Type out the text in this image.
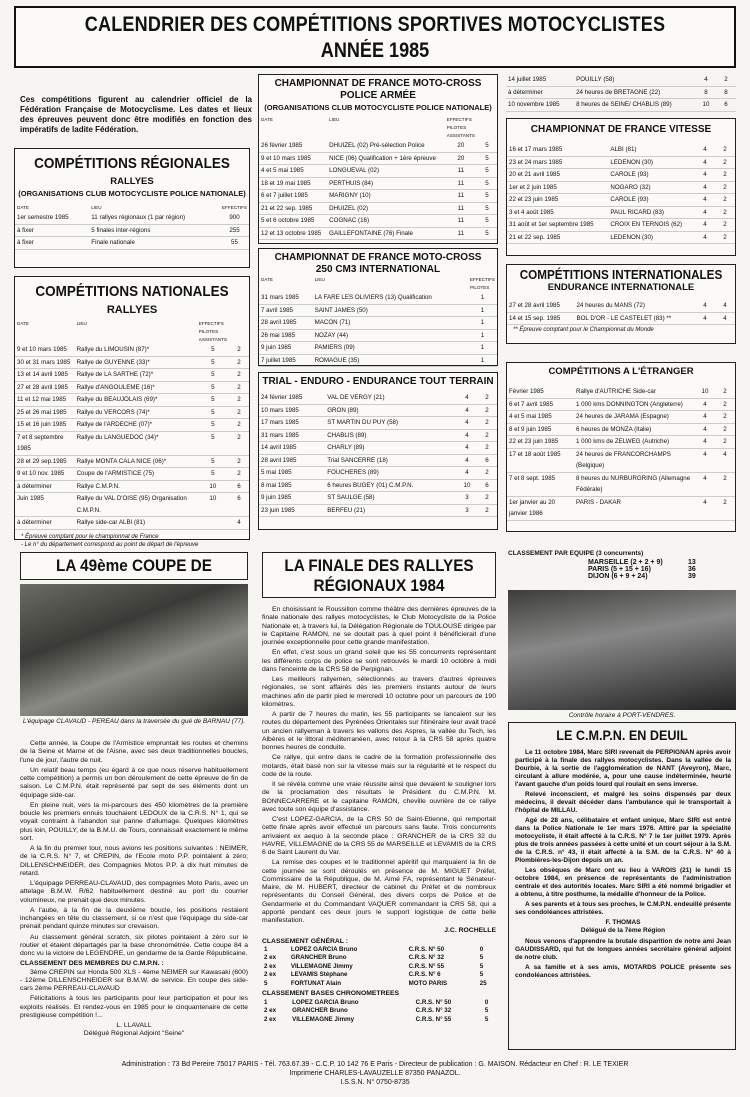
CALENDRIER DES COMPÉTITIONS SPORTIVES MOTOCYCLISTES
ANNÉE 1985
Ces compétitions figurent au calendrier officiel de la Fédération Française de Motocyclisme. Les dates et lieux des épreuves peuvent donc être modifiés en fonction des impératifs de ladite Fédération.
COMPÉTITIONS RÉGIONALES
RALLYES
(ORGANISATIONS CLUB MOTOCYCLISTE POLICE NATIONALE)
DATE	LIEU	EFFECTIFS
1er semestre 1985	11 rallyes régionaux (1 par région)	900
à fixer	5 finales inter-régions	255
à fixer	Finale nationale	55
COMPÉTITIONS NATIONALES
RALLYES
DATE	LIEU	EFFECTIFS PILOTES ASSISTANTS	
9 et 10 mars 1985	Rallye du LIMOUSIN (87)*	5	2
30 et 31 mars 1985	Rallye de GUYENNE (33)*	5	2
13 et 14 avril 1985	Rallye de LA SARTHE (72)*	5	2
27 et 28 avril 1985	Rallye d'ANGOULEME (16)*	5	2
11 et 12 mai 1985	Rallye du BEAUJOLAIS (69)*	5	2
25 et 26 mai 1985	Rallye du VERCORS (74)*	5	2
15 et 16 juin 1985	Rallye de l'ARDECHE (07)*	5	2
7 et 8 septembre 1985	Rallye du LANGUEDOC (34)*	5	2
28 et 29 sep.1985	Rallye MONTA CALA NICE (06)*	5	2
9 et 10 nov. 1985	Coupe de l'ARMISTICE (75)	5	2
à déterminer	Rallye C.M.P.N.	10	6
Juin 1985	Rallye du VAL D'OISE (95) Organisation C.M.P.N.	10	6
à déterminer	Rallye side-car ALBI (81)		4
* Épreuve comptant pour le championnat de France
- Le n° du département correspond au point de départ de l'épreuve
CHAMPIONNAT DE FRANCE MOTO-CROSS
POLICE ARMÉE
(ORGANISATIONS CLUB MOTOCYCLISTE POLICE NATIONALE)
DATE	LIEU	EFFECTIFS PILOTES ASSISTANTS	
26 février 1985	DHUIZEL (02) Pré-sélection Police	20	5
9 et 10 mars 1985	NICE (06) Qualification + 1ère épreuve	20	5
4 et 5 mai 1985	LONGUEVAL (02)	11	5
18 et 19 mai 1985	PERTHUIS (84)	11	5
6 et 7 juillet 1985	MARIGNY (10)	11	5
21 et 22 sep. 1985	DHUIZEL (02)	11	5
5 et 6 octobre 1985	COGNAC (16)	11	5
12 et 13 octobre 1985	GAILLEFONTAINE (76) Finale	11	5
CHAMPIONNAT DE FRANCE MOTO-CROSS
250 CM3 INTERNATIONAL
DATE	LIEU	EFFECTIFS PILOTES
31 mars 1985	LA FARE LES OLIVIERS (13) Qualification	1
7 avril 1985	SAINT JAMES (50)	1
28 avril 1985	MACON (71)	1
26 mai 1985	NOZAY (44)	1
9 juin 1985	PAMIERS (09)	1
7 juillet 1985	ROMAGUE (35)	1
TRIAL - ENDURO - ENDURANCE TOUT TERRAIN
24 février 1985	VAL DE VERGY (21)	4	2
10 mars 1985	GRON (89)	4	2
17 mars 1985	ST MARTIN DU PUY (58)	4	2
31 mars 1985	CHABLIS (89)	4	2
14 avril 1985	CHARLY (89)	4	2
28 avril 1985	Trial SANCERRE (18)	4	6
5 mai 1985	FOUCHERES (89)	4	2
8 mai 1985	6 heures BUGEY (01) C.M.P.N.	10	6
9 juin 1985	ST SAULGE (58)	3	2
23 juin 1985	BERFEU (21)	3	2
14 juillet 1985	POUILLY (58)	4	2
à déterminer	24 heures de BRETAGNE (22)	8	8
10 novembre 1985	8 heures de SEINE/ CHABLIS (89)	10	6
CHAMPIONNAT DE FRANCE VITESSE
16 et 17 mars 1985	ALBI (81)	4	2
23 et 24 mars 1985	LEDENON (30)	4	2
20 et 21 avril 1985	CAROLE (93)	4	2
1er et 2 juin 1985	NOGARO (32)	4	2
22 et 23 juin 1985	CAROLE (93)	4	2
3 et 4 août 1985	PAUL RICARD (83)	4	2
31 août et 1er septembre 1985	CROIX EN TERNOIS (62)	4	2
21 et 22 sep. 1985	LEDENON (30)	4	2
COMPÉTITIONS INTERNATIONALES
ENDURANCE INTERNATIONALE
27 et 28 avril 1985	24 heures du MANS (72)	4	4
14 et 15 sep. 1985	BOL D'OR - LE CASTELET (83) **	4	4
** Épreuve comptant pour le Championnat du Monde
COMPÉTITIONS A L'ÉTRANGER
Février 1985	Rallye d'AUTRICHE Side-car	10	2
6 et 7 avril 1985	1 000 kms DONNINGTON (Angleterre)	4	2
4 et 5 mai 1985	24 heures de JARAMA (Espagne)	4	2
8 et 9 juin 1985	6 heures de MONZA (Italie)	4	2
22 et 23 juin 1985	1 000 kms de ZELWEG (Autriche)	4	2
17 et 18 août 1985	24 heures de FRANCORCHAMPS (Belgique)	4	4
7 et 8 sept. 1985	8 heures du NURBURGRING (Allemagne Fédérale)	4	2
1er janvier au 20 janvier 1986	PARIS - DAKAR	4	2
LA 49ème COUPE DE
L'équipage CLAVAUD - PEREAU dans la traversée du gué de BARNAU (77).

Cette année, la Coupe de l'Armistice empruntait les routes et chemins de la Seine et Marne et de l'Aisne, avec ses deux traditionnelles boucles, l'une de jour, l'autre de nuit.

Un relatif beau temps (eu égard à ce que nous réserve habituellement cette compétition) a permis un bon déroulement de cette épreuve de fin de saison. Le C.M.P.N. était représenté par sept de ses éléments dont un équipage side-car.

En pleine nuit, vers la mi-parcours des 450 kilomètres de la première boucle les premiers ennuis touchaient LEDOUX de la C.R.S. N° 1, qui se voyait contraint à l'abandon sur panne d'allumage. Quelques kilomètres plus loin, POUILLY, de la B.M.U. de Tours, connaissait exactement le même sort.

A la fin du premier tour, nous avions les positions suivantes : NEIMER, de la C.R.S. N° 7, et CREPIN, de l'Ecole moto P.P. pointaient à zéro; DILLENSCHNEIDER, des Compagnies Motos P.P. à dix huit minutes de retard.

L'équipage PERREAU-CLAVAUD, des compagnies Moto Paris, avec un attelage B.M.W. R/62 habituellement destiné au port du courrier volumineux, ne prenait que deux minutes.

A l'aube, à la fin de la deuxième boucle, les positions restaient inchangées en tête du classement, si ce n'est que l'équipage du side-car prenait pendant quinze minutes sur crevaison.

Au classement général scratch, six pilotes pointaient à zéro sur le routier et étaient départagés par la base chronométrée. Cette coupe 84 a donc vu la victoire de LEGENDRE, un gendarme de la Garde Républicaine.

CLASSEMENT DES MEMBRES DU C.M.P.N. :

3ème CREPIN sur Honda 500 XLS - 4ème NEIMER sur Kawasaki (600) - 12ème DILLENSCHNEIDER sur B.M.W. de service. En coupe des side-cars 2ème PERREAU-CLAVAUD

Félicitations à tous les participants pour leur participation et pour les exploits réalisés. Et rendez-vous en 1985 pour le cinquantenaire de cette prestigieuse compétition !...

L. LLAVALL
Délégué Régional Adjoint "Seine"
LA FINALE DES RALLYES
RÉGIONAUX 1984

En choisissant le Roussillon comme théâtre des dernières épreuves de la finale nationale des rallyes motocyclistes, le Club Motocycliste de la Police Nationale et, à travers lui, la Délégation Régionale de TOULOUSE dirigée par le Capitaine RAMON, ne se doutait pas à quel point il bénéficierait d'une journée exceptionnelle pour cette grande manifestation.

En effet, c'est sous un grand soleil que les 55 concurrents représentant les différents corps de police se sont retrouvés le mardi 10 octobre à midi dans l'enceinte de la CRS 58 de Perpignan.

Les meilleurs rallyemen, sélectionnés au travers d'autres épreuves régionales, se sont affairés dès les premiers instants autour de leurs machines afin de partir pied le mercredi 10 octobre pour un parcours de 190 kilomètres.

A partir de 7 heures du matin, les 55 participants se lancaient sur les routes du département des Pyrénées Orientales sur l'itinéraire leur avait tracé un ancien rallyeman à travers les vallons des Aspres, la vallée du Tech, les Albères et le littoral méditerranéen, avec retour à la CRS 58 après quatre bonnes heures de conduite.

Ce rallye, qui entre dans le cadre de la formation professionnelle des motards, était basé non sur la vitesse mais sur la régularité et le respect du code de la route.

Il se révéla comme une vraie réussite ainsi que devaient le souligner lors de la proclamation des résultats le Président du C.M.P.N. M. BONNECARRERE et le capitaine RAMON, cheville ouvrière de ce rallye avec toute son équipe d'assistance.

C'est LOPEZ-GARCIA, de la CRS 50 de Saint-Etienne, qui remportait cette finale après avoir effectué un parcours sans faute. Trois concurrents arrivaient ex aequo à la seconde place : GRANCHER de la CRS 32 du HAVRE, VILLEMAGNE de la CRS 55 de MARSEILLE et LEVAMIS de la CRS 6 de Saint Laurent du Var.

La remise des coupes et le traditionnel apéritif qui marquaient la fin de cette journée se sont déroulés en présence de M. MIGUET Préfet, Commissaire de la République, de M. Aimé FA, représentant le Sénateur-Maire, de M. HUBERT, directeur de cabinet du Préfet et de nombreux représentants du Conseil Général, des divers corps de Police et de Gendarmerie et du Commandant VAQUER commandant la CRS 58, qui a apporté pendant ces deux jours le support logistique de cette belle manifestation.

J.C. ROCHELLE
CLASSEMENT GÉNÉRAL :
1	LOPEZ GARCIA Bruno	C.R.S. N° 50	0
2 ex	GRANCHER Bruno	C.R.S. N° 32	5
2 ex	VILLEMAGNE Jimmy	C.R.S. N° 55	5
2 ex	LEVAMIS Stéphane	C.R.S. N° 6	5
5	FORTUNAT Alain	MOTO PARIS	25
CLASSEMENT BASES CHRONOMETREES
1	LOPEZ GARCIA Bruno	C.R.S. N° 50	0
2 ex	GRANCHER Bruno	C.R.S. N° 32	5
2 ex	VILLEMAGNE Jimmy	C.R.S. N° 55	5
CLASSEMENT PAR EQUIPE (3 concurrents)
MARSEILLE (2 + 2 + 9)	13
PARIS (5 + 15 + 16)	36
DIJON (6 + 9 + 24)	39
Contrôle horaire à PORT-VENDRES.
LE C.M.P.N. EN DEUIL

Le 11 octobre 1984, Marc SIRI revenait de PERPIGNAN après avoir participé à la finale des rallyes motocyclistes. Dans la vallée de la Dourbie, à la sortie de l'agglomération de NANT (Aveyron), Marc, circulant à allure modérée, a, pour une cause indéterminée, heurté l'avant gauche d'un poids lourd qui roulait en sens inverse.

Relevé inconscient, et malgré les soins dispensés par deux médecins, il devait décéder dans l'ambulance qui le transportait à l'hôpital de MILLAU.

Agé de 28 ans, célibataire et enfant unique, Marc SIRI est entré dans la Police Nationale le 1er mars 1976. Attiré par la spécialité motocycliste, il était affecté à la C.R.S. N° 7 le 1er juillet 1979. Après plus de trois années passées à cette unité et un court séjour à la S.M. de la C.R.S. n° 43, il était affecté à la S.M. de la C.R.S. N° 40 à Plombières-les-Dijon depuis un an.

Les obsèques de Marc ont eu lieu à VAROIS (21) le lundi 15 octobre 1984, en présence de représentants de l'administration centrale et des autorités locales. Marc SIRI a été nommé brigadier et a obtenu, à titre posthume, la médaille d'honneur de la Police.

A ses parents et à tous ses proches, le C.M.P.N. endeuillé présente ses condoléances attristées.

F. THOMAS
Délégué de la 7ème Région

Nous venons d'apprendre la brutale disparition de notre ami Jean GAUDISSARD, qui fut de longues années secrétaire général adjoint de notre club.

A sa famille et à ses amis, MOTARDS POLICE présente ses condoléances attristées.

Administration : 73 Bd Pereire 75017 PARIS - Tél. 763.67.39 - C.C.P. 10 142 76 E Paris - Directeur de publication : G. MAISON. Rédacteur en Chef : R. LE TEXIER
Imprimerie CHARLES-LAVAUZELLE 87350 PANAZOL.
I.S.S.N. N° 0750-8735
